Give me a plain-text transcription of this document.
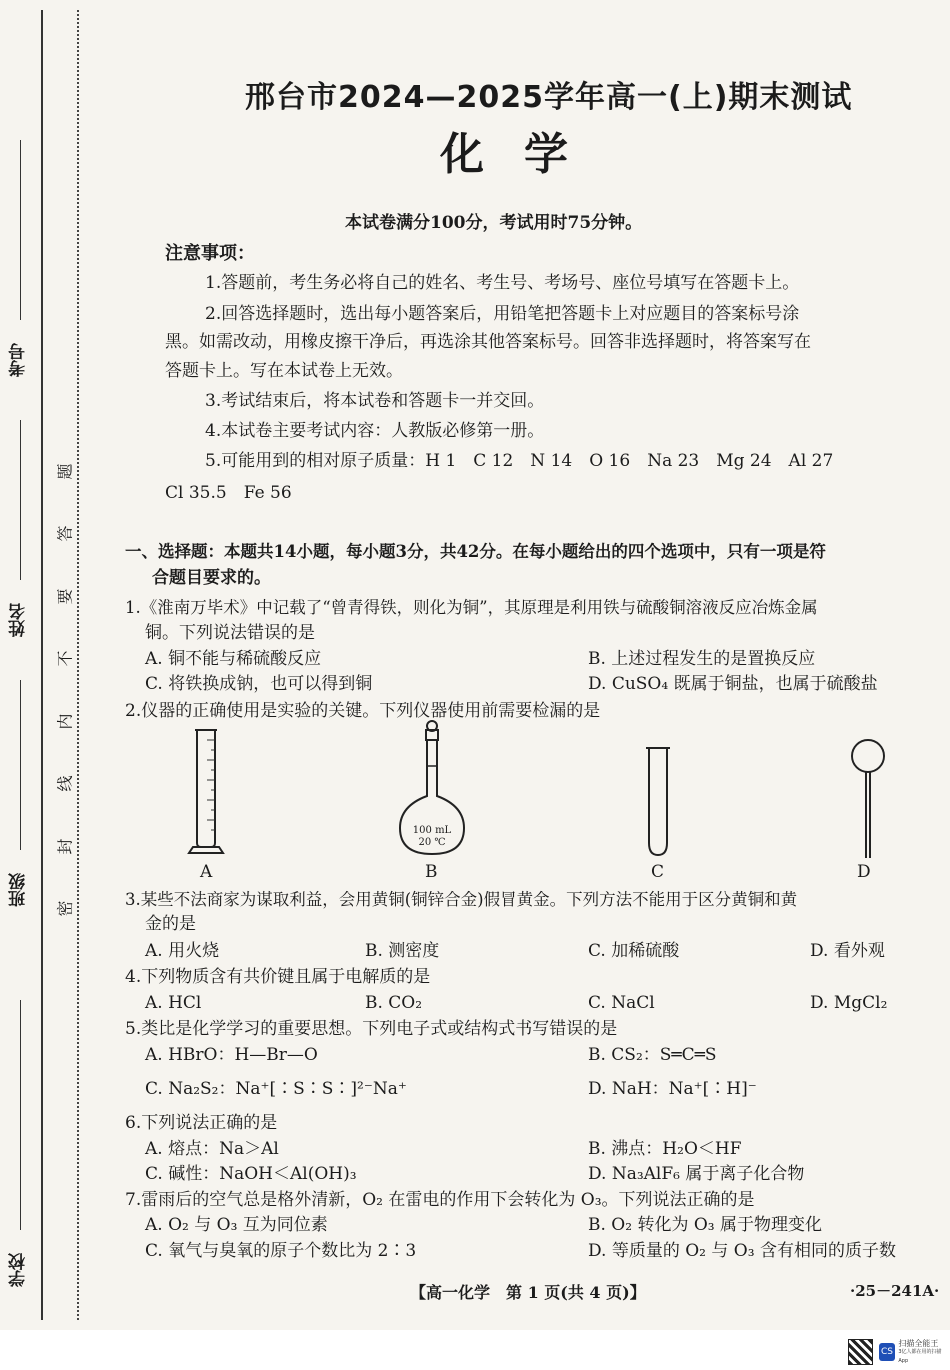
考号
姓名
班级
学校
题
答
要
不
内
线
封
密
邢台市2024—2025学年高一(上)期末测试
化学
本试卷满分100分，考试用时75分钟。
注意事项：
1.答题前，考生务必将自己的姓名、考生号、考场号、座位号填写在答题卡上。
2.回答选择题时，选出每小题答案后，用铅笔把答题卡上对应题目的答案标号涂
黑。如需改动，用橡皮擦干净后，再选涂其他答案标号。回答非选择题时，将答案写在
答题卡上。写在本试卷上无效。
3.考试结束后，将本试卷和答题卡一并交回。
4.本试卷主要考试内容：人教版必修第一册。
5.可能用到的相对原子质量：H 1　C 12　N 14　O 16　Na 23　Mg 24　Al 27
Cl 35.5　Fe 56
一、选择题：本题共14小题，每小题3分，共42分。在每小题给出的四个选项中，只有一项是符
合题目要求的。
1.《淮南万毕术》中记载了“曾青得铁，则化为铜”，其原理是利用铁与硫酸铜溶液反应冶炼金属
铜。下列说法错误的是
A. 铜不能与稀硫酸反应	B. 上述过程发生的是置换反应
C. 将铁换成钠，也可以得到铜	D. CuSO₄ 既属于铜盐，也属于硫酸盐
2.仪器的正确使用是实验的关键。下列仪器使用前需要检漏的是
A
100 mL
20 ℃
B	C	D
3.某些不法商家为谋取利益，会用黄铜(铜锌合金)假冒黄金。下列方法不能用于区分黄铜和黄
金的是
A. 用火烧	B. 测密度	C. 加稀硫酸	D. 看外观
4.下列物质含有共价键且属于电解质的是
A. HCl	B. CO₂	C. NaCl	D. MgCl₂
5.类比是化学学习的重要思想。下列电子式或结构式书写错误的是
A. HBrO：H—Br—O	B. CS₂：S═C═S
C. Na₂S₂：Na⁺[∶S∶S∶]²⁻Na⁺	D. NaH：Na⁺[∶H]⁻
6.下列说法正确的是
A. 熔点：Na＞Al	B. 沸点：H₂O＜HF
C. 碱性：NaOH＜Al(OH)₃	D. Na₃AlF₆ 属于离子化合物
7.雷雨后的空气总是格外清新，O₂ 在雷电的作用下会转化为 O₃。下列说法正确的是
A. O₂ 与 O₃ 互为同位素	B. O₂ 转化为 O₃ 属于物理变化
C. 氧气与臭氧的原子个数比为 2∶3	D. 等质量的 O₂ 与 O₃ 含有相同的质子数
【高一化学　第 1 页(共 4 页)】	·25－241A·
CS
扫描全能王
3亿人都在用的扫描App
